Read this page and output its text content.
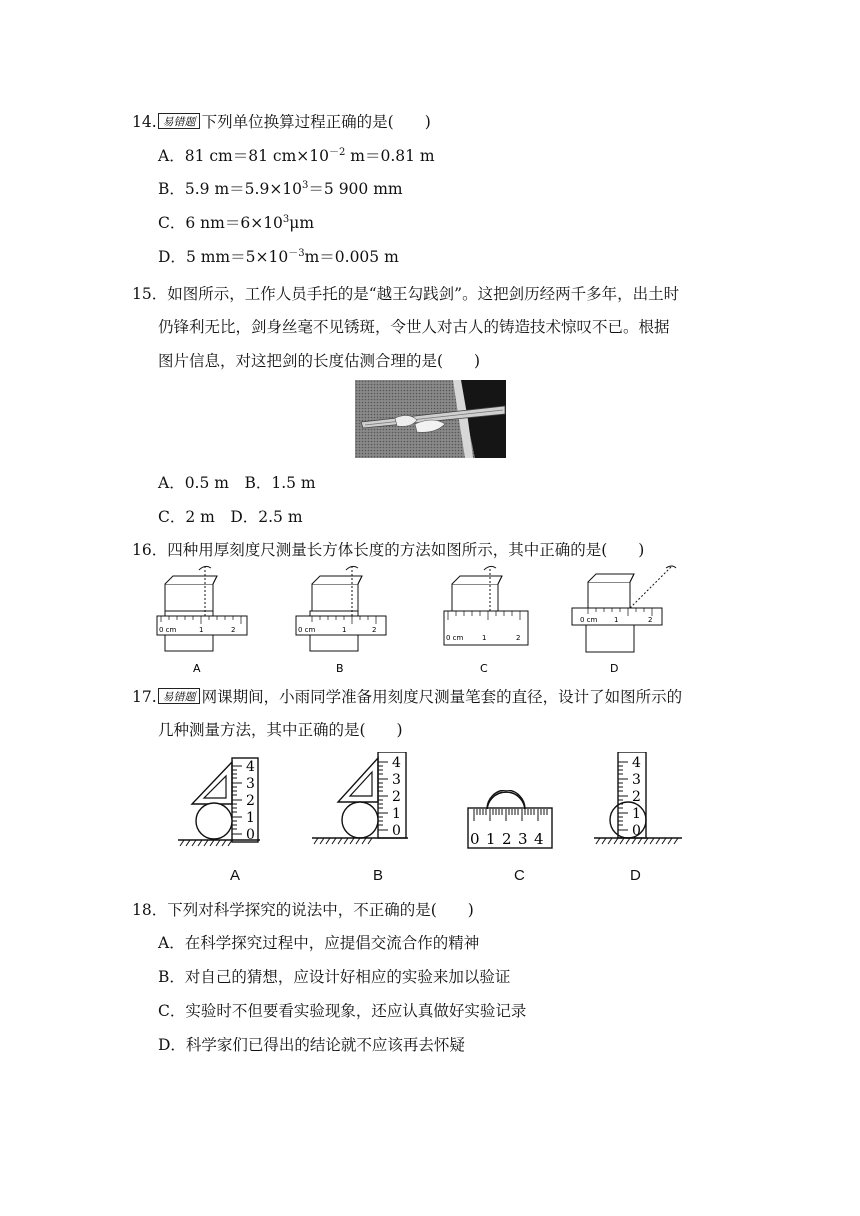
14. 易错题 下列单位换算过程正确的是(　　)
A．81 cm＝81 $cm\times 10^{-2}$ m＝0.81 m
B．5.9 $m=5.9\times 10^3=5$ 900 mm
C．6 $nm=6\times 10^3\mu m$
D．5 $mm=5\times 10^{-3}m=0.005$ m
15．如图所示，工作人员手托的是“越王勾践剑”。这把剑历经两千多年，出土时
仍锋利无比，剑身丝毫不见锈斑，令世人对古人的铸造技术惊叹不已。根据
图片信息，对这把剑的长度估测合理的是(　　)
A．0.5 m　B．1.5 m
C．2 m　D．2.5 m
16．四种用厚刻度尺测量长方体长度的方法如图所示，其中正确的是(　　)
0 cm	1	2
A
0 cm	1	2
B
0 cm	1	2
C
0 cm 1	2
D
17. 易错题 网课期间，小雨同学准备用刻度尺测量笔套的直径，设计了如图所示的
几种测量方法，其中正确的是(　　)
4
3
2
1
0
4
3
2
1
0	0 1 2 3 4
4
3
2
1
0
A	B	C	D
18．下列对科学探究的说法中，不正确的是(　　)
A．在科学探究过程中，应提倡交流合作的精神
B．对自己的猜想，应设计好相应的实验来加以验证
C．实验时不但要看实验现象，还应认真做好实验记录
D．科学家们已得出的结论就不应该再去怀疑
